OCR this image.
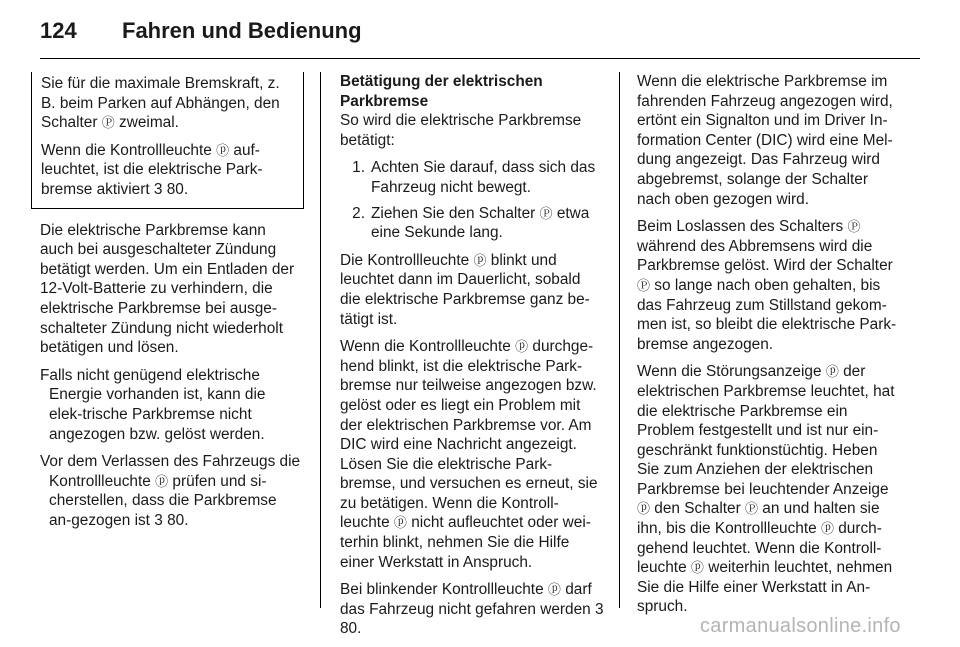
124 Fahren und Bedienung

Sie für die maximale Bremskraft, z. B. beim Parken auf Abhängen, den Schalter Ⓟ zweimal.

Wenn die Kontrollleuchte ⓟ auf-leuchtet, ist die elektrische Park-bremse aktiviert 3 80.

Die elektrische Parkbremse kann auch bei ausgeschalteter Zündung betätigt werden. Um ein Entladen der 12-Volt-Batterie zu verhindern, die elektrische Parkbremse bei ausge-schalteter Zündung nicht wiederholt betätigen und lösen.

Falls nicht genügend elektrische Energie vorhanden ist, kann die elek-trische Parkbremse nicht angezogen bzw. gelöst werden.

Vor dem Verlassen des Fahrzeugs die Kontrollleuchte ⓟ prüfen und si-cherstellen, dass die Parkbremse an-gezogen ist 3 80.

Betätigung der elektrischen Parkbremse

So wird die elektrische Parkbremse betätigt:

1. Achten Sie darauf, dass sich das Fahrzeug nicht bewegt.
2. Ziehen Sie den Schalter Ⓟ etwa eine Sekunde lang.

Die Kontrollleuchte ⓟ blinkt und leuchtet dann im Dauerlicht, sobald die elektrische Parkbremse ganz be-tätigt ist.

Wenn die Kontrollleuchte ⓟ durchge-hend blinkt, ist die elektrische Park-bremse nur teilweise angezogen bzw. gelöst oder es liegt ein Problem mit der elektrischen Parkbremse vor. Am DIC wird eine Nachricht angezeigt. Lösen Sie die elektrische Park-bremse, und versuchen es erneut, sie zu betätigen. Wenn die Kontroll-leuchte ⓟ nicht aufleuchtet oder wei-terhin blinkt, nehmen Sie die Hilfe einer Werkstatt in Anspruch.

Bei blinkender Kontrollleuchte ⓟ darf das Fahrzeug nicht gefahren werden 3 80.

Wenn die elektrische Parkbremse im fahrenden Fahrzeug angezogen wird, ertönt ein Signalton und im Driver In-formation Center (DIC) wird eine Mel-dung angezeigt. Das Fahrzeug wird abgebremst, solange der Schalter nach oben gezogen wird.

Beim Loslassen des Schalters Ⓟ während des Abbremsens wird die Parkbremse gelöst. Wird der Schalter Ⓟ so lange nach oben gehalten, bis das Fahrzeug zum Stillstand gekom-men ist, so bleibt die elektrische Park-bremse angezogen.

Wenn die Störungsanzeige ⓟ der elektrischen Parkbremse leuchtet, hat die elektrische Parkbremse ein Problem festgestellt und ist nur ein-geschränkt funktionstüchtig. Heben Sie zum Anziehen der elektrischen Parkbremse bei leuchtender Anzeige ⓟ den Schalter Ⓟ an und halten sie ihn, bis die Kontrollleuchte ⓟ durch-gehend leuchtet. Wenn die Kontroll-leuchte ⓟ weiterhin leuchtet, nehmen Sie die Hilfe einer Werkstatt in An-spruch.

carmanualsonline.info
